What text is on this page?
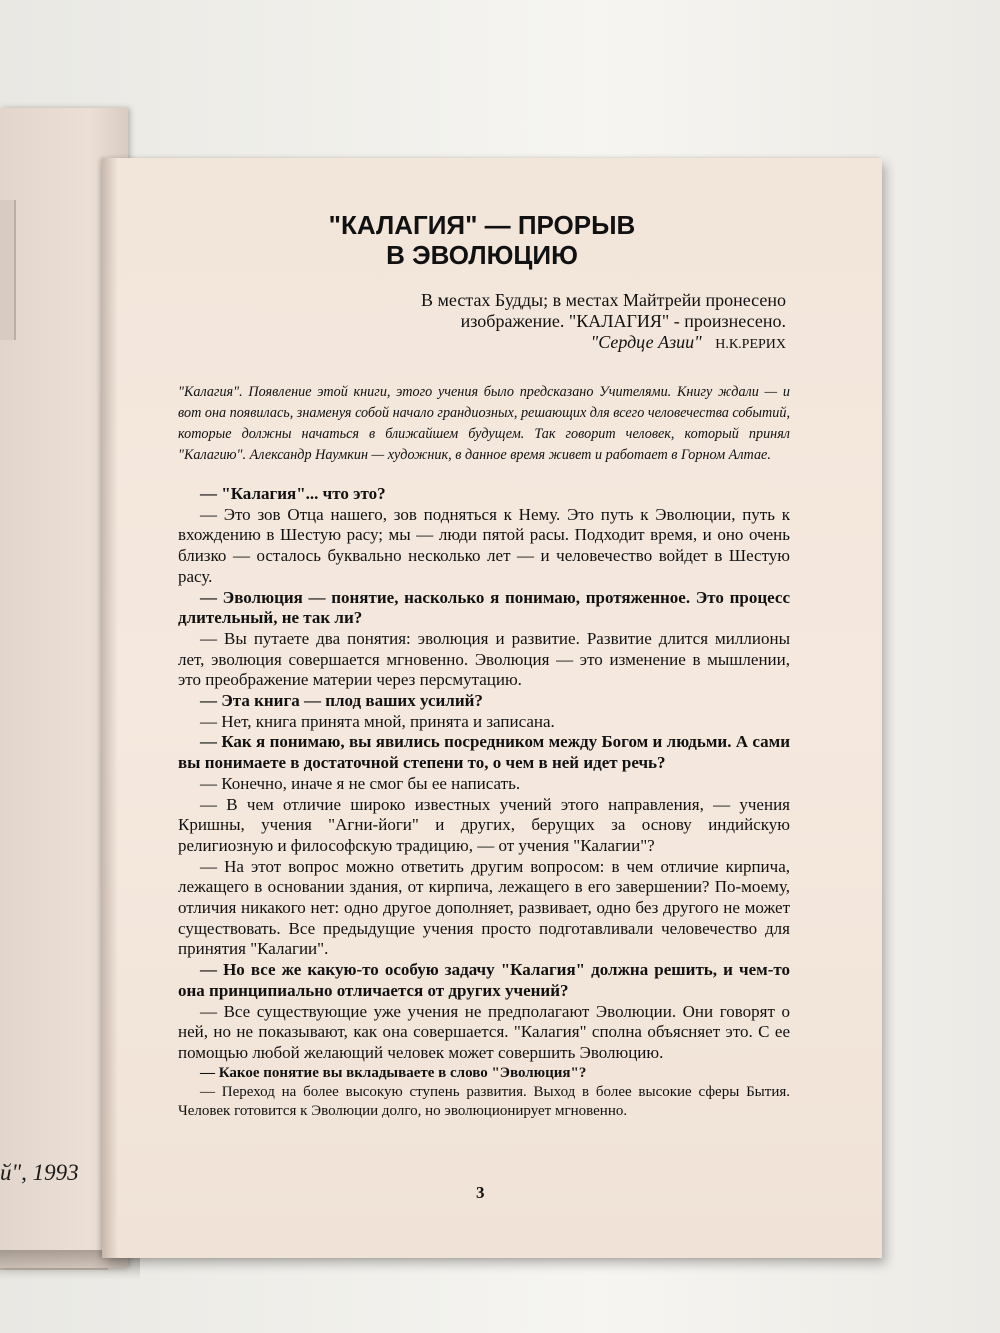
й", 1993
"КАЛАГИЯ" — ПРОРЫВ
В ЭВОЛЮЦИЮ
В местах Будды; в местах Майтрейи пронесено
изображение. "КАЛАГИЯ" - произнесено.
"Сердце Азии" Н.К.РЕРИХ
"Калагия". Появление этой книги, этого учения было предсказано Учителями. Книгу ждали — и вот она появилась, знаменуя собой начало грандиозных, решающих для всего человечества событий, которые должны начаться в ближайшем будущем. Так говорит человек, который принял "Калагию". Александр Наумкин — художник, в данное время живет и работает в Горном Алтае.

— "Калагия"... что это?

— Это зов Отца нашего, зов подняться к Нему. Это путь к Эволюции, путь к вхождению в Шестую расу; мы — люди пятой расы. Подходит время, и оно очень близко — осталось буквально несколько лет — и человечество войдет в Шестую расу.

— Эволюция — понятие, насколько я понимаю, протяженное. Это процесс длительный, не так ли?

— Вы путаете два понятия: эволюция и развитие. Развитие длится миллионы лет, эволюция совершается мгновенно. Эволюция — это изменение в мышлении, это преображение материи через персмутацию.

— Эта книга — плод ваших усилий?

— Нет, книга принята мной, принята и записана.

— Как я понимаю, вы явились посредником между Богом и людьми. А сами вы понимаете в достаточной степени то, о чем в ней идет речь?

— Конечно, иначе я не смог бы ее написать.

— В чем отличие широко известных учений этого направления, — учения Кришны, учения "Агни-йоги" и других, берущих за основу индийскую религиозную и философскую традицию, — от учения "Калагии"?

— На этот вопрос можно ответить другим вопросом: в чем отличие кирпича, лежащего в основании здания, от кирпича, лежащего в его завершении? По-моему, отличия никакого нет: одно другое дополняет, развивает, одно без другого не может существовать. Все предыдущие учения просто подготавливали человечество для принятия "Калагии".

— Но все же какую-то особую задачу "Калагия" должна решить, и чем-то она принципиально отличается от других учений?

— Все существующие уже учения не предполагают Эволюции. Они говорят о ней, но не показывают, как она совершается. "Калагия" сполна объясняет это. С ее помощью любой желающий человек может совершить Эволюцию.

— Какое понятие вы вкладываете в слово "Эволюция"?

— Переход на более высокую ступень развития. Выход в более высокие сферы Бытия. Человек готовится к Эволюции долго, но эволюционирует мгновенно.

3
